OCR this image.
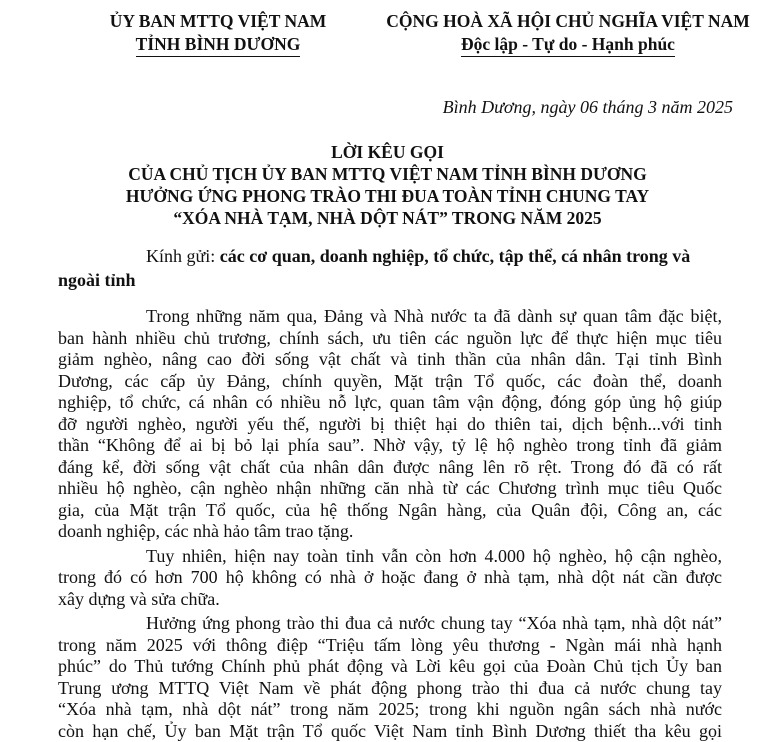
ỦY BAN MTTQ VIỆT NAM
TỈNH BÌNH DƯƠNG
CỘNG HOÀ XÃ HỘI CHỦ NGHĨA VIỆT NAM
Độc lập - Tự do - Hạnh phúc
Bình Dương, ngày 06 tháng 3 năm 2025
LỜI KÊU GỌI
CỦA CHỦ TỊCH ỦY BAN MTTQ VIỆT NAM TỈNH BÌNH DƯƠNG
HƯỞNG ỨNG PHONG TRÀO THI ĐUA TOÀN TỈNH CHUNG TAY
“XÓA NHÀ TẠM, NHÀ DỘT NÁT” TRONG NĂM 2025
Kính gửi: các cơ quan, doanh nghiệp, tổ chức, tập thể, cá nhân trong và
ngoài tỉnh
Trong những năm qua, Đảng và Nhà nước ta đã dành sự quan tâm đặc biệt,
ban hành nhiều chủ trương, chính sách, ưu tiên các nguồn lực để thực hiện mục tiêu
giảm nghèo, nâng cao đời sống vật chất và tinh thần của nhân dân. Tại tỉnh Bình
Dương, các cấp ủy Đảng, chính quyền, Mặt trận Tổ quốc, các đoàn thể, doanh
nghiệp, tổ chức, cá nhân có nhiều nỗ lực, quan tâm vận động, đóng góp ủng hộ giúp
đỡ người nghèo, người yếu thế, người bị thiệt hại do thiên tai, dịch bệnh...với tinh
thần “Không để ai bị bỏ lại phía sau”. Nhờ vậy, tỷ lệ hộ nghèo trong tỉnh đã giảm
đáng kể, đời sống vật chất của nhân dân được nâng lên rõ rệt. Trong đó đã có rất
nhiều hộ nghèo, cận nghèo nhận những căn nhà từ các Chương trình mục tiêu Quốc
gia, của Mặt trận Tổ quốc, của hệ thống Ngân hàng, của Quân đội, Công an, các
doanh nghiệp, các nhà hảo tâm trao tặng.
Tuy nhiên, hiện nay toàn tỉnh vẫn còn hơn 4.000 hộ nghèo, hộ cận nghèo,
trong đó có hơn 700 hộ không có nhà ở hoặc đang ở nhà tạm, nhà dột nát cần được
xây dựng và sửa chữa.
Hưởng ứng phong trào thi đua cả nước chung tay “Xóa nhà tạm, nhà dột nát”
trong năm 2025 với thông điệp “Triệu tấm lòng yêu thương - Ngàn mái nhà hạnh
phúc” do Thủ tướng Chính phủ phát động và Lời kêu gọi của Đoàn Chủ tịch Ủy ban
Trung ương MTTQ Việt Nam về phát động phong trào thi đua cả nước chung tay
“Xóa nhà tạm, nhà dột nát” trong năm 2025; trong khi nguồn ngân sách nhà nước
còn hạn chế, Ủy ban Mặt trận Tổ quốc Việt Nam tỉnh Bình Dương thiết tha kêu gọi
